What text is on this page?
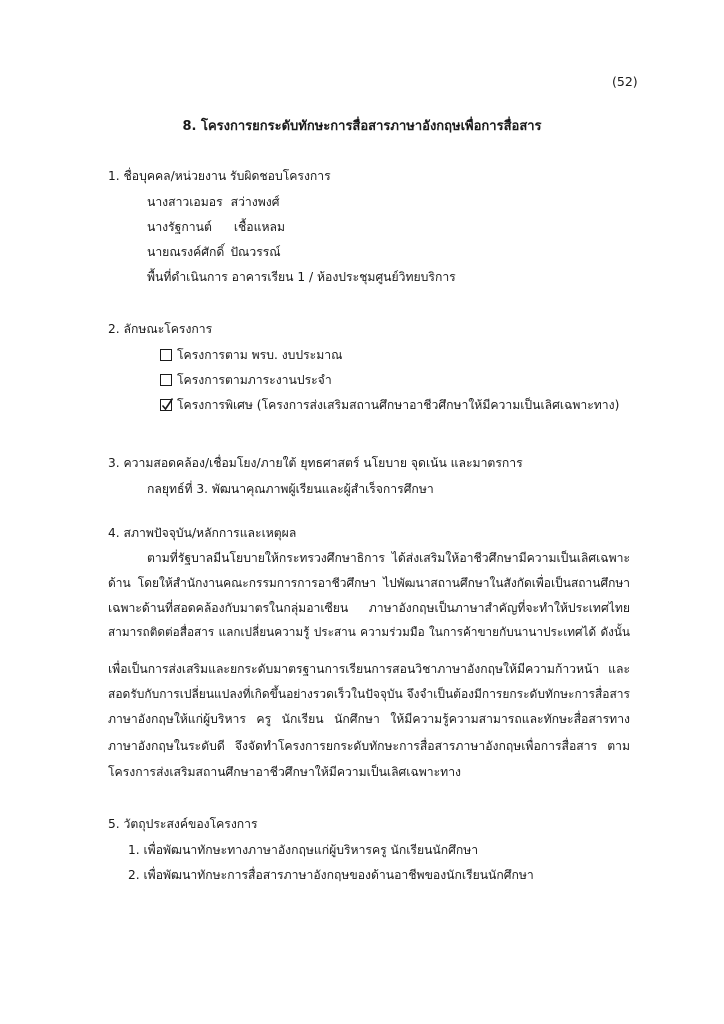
(52)
8. โครงการยกระดับทักษะการสื่อสารภาษาอังกฤษเพื่อการสื่อสาร
1. ชื่อบุคคล/หน่วยงาน รับผิดชอบโครงการ
นางสาวเอมอร สว่างพงศ์
นางรัฐกานต์ เชื้อแหลม
นายณรงค์ศักดิ์ ปัณวรรณ์
พื้นที่ดำเนินการ อาคารเรียน 1 / ห้องประชุมศูนย์วิทยบริการ
2. ลักษณะโครงการ
โครงการตาม พรบ. งบประมาณ
โครงการตามภาระงานประจำ
โครงการพิเศษ (โครงการส่งเสริมสถานศึกษาอาชีวศึกษาให้มีความเป็นเลิศเฉพาะทาง)
3. ความสอดคล้อง/เชื่อมโยง/ภายใต้ ยุทธศาสตร์ นโยบาย จุดเน้น และมาตรการ
กลยุทธ์ที่ 3. พัฒนาคุณภาพผู้เรียนและผู้สำเร็จการศึกษา
4. สภาพปัจจุบัน/หลักการและเหตุผล
ตามที่รัฐบาลมีนโยบายให้กระทรวงศึกษาธิการ ได้ส่งเสริมให้อาชีวศึกษามีความเป็นเลิศเฉพาะ
ด้าน โดยให้สำนักงานคณะกรรมการการอาชีวศึกษา ไปพัฒนาสถานศึกษาในสังกัดเพื่อเป็นสถานศึกษา
เฉพาะด้านที่สอดคล้องกับมาตรในกลุ่มอาเซียน ภาษาอังกฤษเป็นภาษาสำคัญที่จะทำให้ประเทศไทย
สามารถติดต่อสื่อสาร แลกเปลี่ยนความรู้ ประสาน ความร่วมมือ ในการค้าขายกับนานาประเทศได้ ดังนั้น
เพื่อเป็นการส่งเสริมและยกระดับมาตรฐานการเรียนการสอนวิชาภาษาอังกฤษให้มีความก้าวหน้า และ
สอดรับกับการเปลี่ยนแปลงที่เกิดขึ้นอย่างรวดเร็วในปัจจุบัน จึงจำเป็นต้องมีการยกระดับทักษะการสื่อสาร
ภาษาอังกฤษให้แก่ผู้บริหาร ครู นักเรียน นักศึกษา ให้มีความรู้ความสามารถและทักษะสื่อสารทาง
ภาษาอังกฤษในระดับดี จึงจัดทำโครงการยกระดับทักษะการสื่อสารภาษาอังกฤษเพื่อการสื่อสาร ตาม
โครงการส่งเสริมสถานศึกษาอาชีวศึกษาให้มีความเป็นเลิศเฉพาะทาง
5. วัตถุประสงค์ของโครงการ
1. เพื่อพัฒนาทักษะทางภาษาอังกฤษแก่ผู้บริหารครู นักเรียนนักศึกษา
2. เพื่อพัฒนาทักษะการสื่อสารภาษาอังกฤษของด้านอาชีพของนักเรียนนักศึกษา
